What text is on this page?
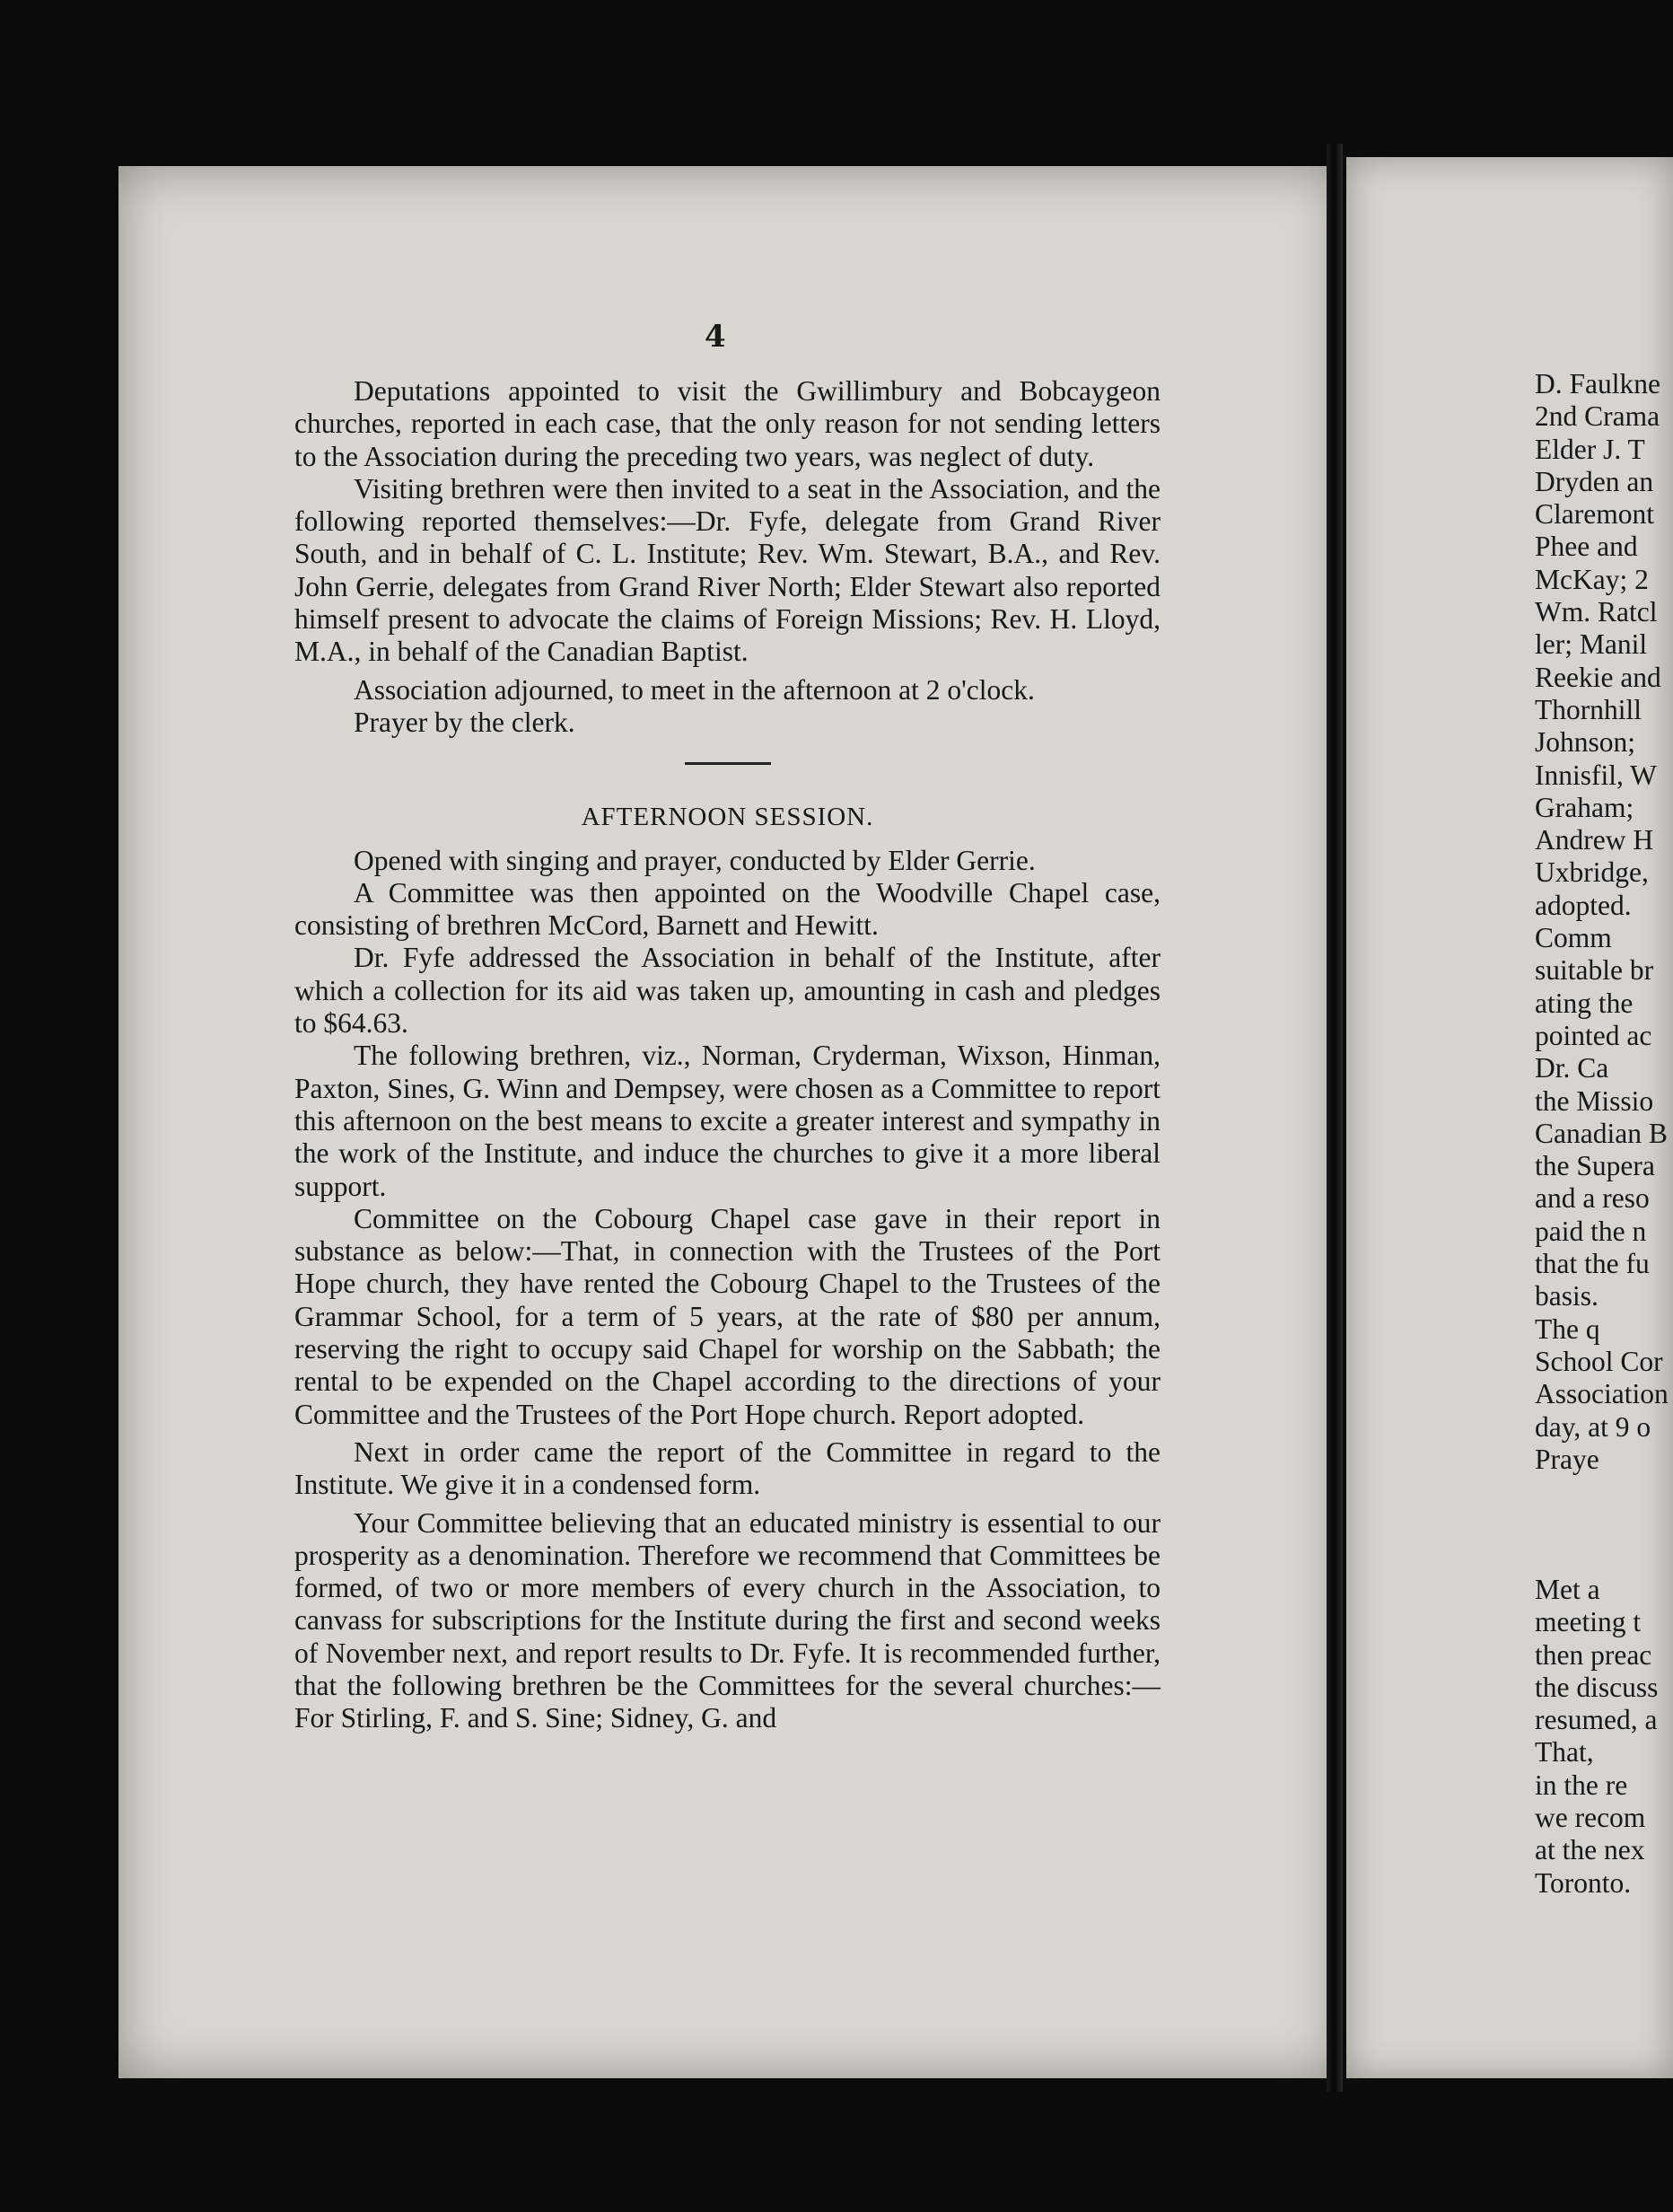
4

Deputations appointed to visit the Gwillimbury and Bobcaygeon churches, reported in each case, that the only reason for not sending letters to the Association during the preceding two years, was neglect of duty.

Visiting brethren were then invited to a seat in the Association, and the following reported themselves:—Dr. Fyfe, delegate from Grand River South, and in behalf of C. L. Institute; Rev. Wm. Stewart, B.A., and Rev. John Gerrie, delegates from Grand River North; Elder Stewart also reported himself present to advocate the claims of Foreign Missions; Rev. H. Lloyd, M.A., in behalf of the Canadian Baptist.

Association adjourned, to meet in the afternoon at 2 o'clock.

Prayer by the clerk.

AFTERNOON SESSION.

Opened with singing and prayer, conducted by Elder Gerrie.

A Committee was then appointed on the Woodville Chapel case, consisting of brethren McCord, Barnett and Hewitt.

Dr. Fyfe addressed the Association in behalf of the Institute, after which a collection for its aid was taken up, amounting in cash and pledges to $64.63.

The following brethren, viz., Norman, Cryderman, Wixson, Hinman, Paxton, Sines, G. Winn and Dempsey, were chosen as a Committee to report this afternoon on the best means to excite a greater interest and sympathy in the work of the Institute, and induce the churches to give it a more liberal support.

Committee on the Cobourg Chapel case gave in their report in substance as below:—That, in connection with the Trustees of the Port Hope church, they have rented the Cobourg Chapel to the Trustees of the Grammar School, for a term of 5 years, at the rate of $80 per annum, reserving the right to occupy said Chapel for worship on the Sabbath; the rental to be expended on the Chapel according to the directions of your Committee and the Trustees of the Port Hope church. Report adopted.

Next in order came the report of the Committee in regard to the Institute. We give it in a condensed form.

Your Committee believing that an educated ministry is essential to our prosperity as a denomination. Therefore we recommend that Committees be formed, of two or more members of every church in the Association, to canvass for subscriptions for the Institute during the first and second weeks of November next, and report results to Dr. Fyfe. It is recommended further, that the following brethren be the Committees for the several churches:—For Stirling, F. and S. Sine; Sidney, G. and

D. Faulkne
2nd Crama
Elder J. T
Dryden an
Claremont
Phee and
McKay; 2
Wm. Ratcl
ler; Manil
Reekie and
Thornhill
Johnson;
Innisfil, W
Graham;
Andrew H
Uxbridge,
adopted.
Comm
suitable br
ating the
pointed ac
Dr. Ca
the Missio
Canadian B
the Supera
and a reso
paid the n
that the fu
basis.
The q
School Cor
Association
day, at 9 o
Praye
Met a
meeting t
then preac
the discuss
resumed, a
That,
in the re
we recom
at the nex
Toronto.
